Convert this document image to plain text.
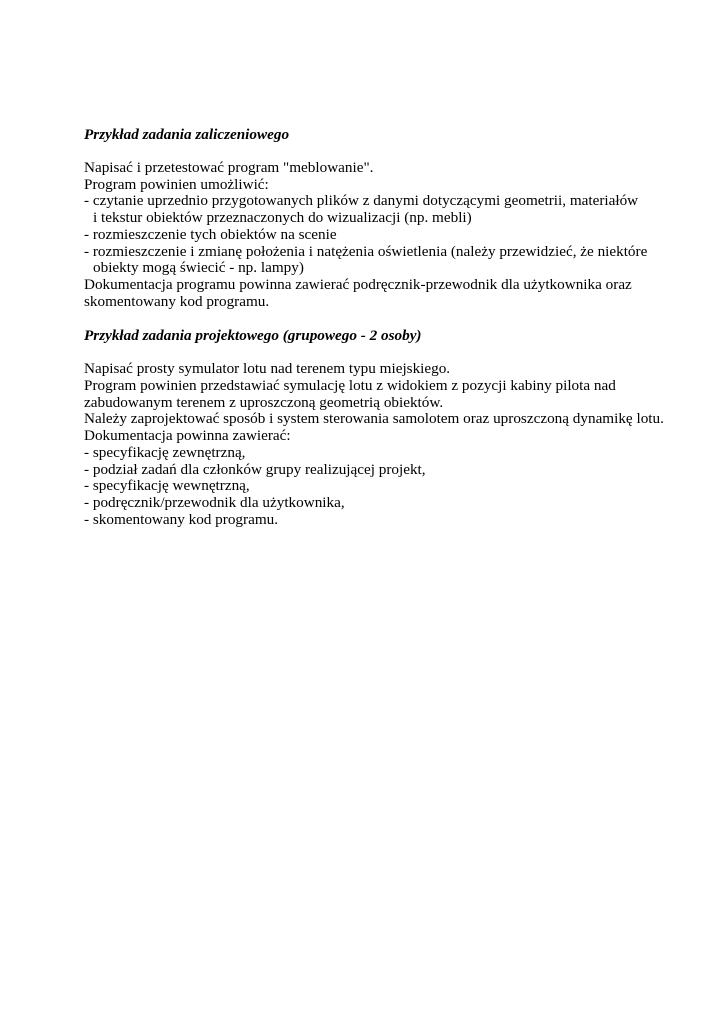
Przykład zadania zaliczeniowego

Napisać i przetestować program "meblowanie".

Program powinien umożliwić:

- czytanie uprzednio przygotowanych plików z danymi dotyczącymi geometrii, materiałów

i tekstur obiektów przeznaczonych do wizualizacji (np. mebli)

- rozmieszczenie tych obiektów na scenie

- rozmieszczenie i zmianę położenia i natężenia oświetlenia (należy przewidzieć, że niektóre

obiekty mogą świecić - np. lampy)

Dokumentacja programu powinna zawierać podręcznik-przewodnik dla użytkownika oraz

skomentowany kod programu.

Przykład zadania projektowego (grupowego - 2 osoby)

Napisać prosty symulator lotu nad terenem typu miejskiego.

Program powinien przedstawiać symulację lotu z widokiem z pozycji kabiny pilota nad

zabudowanym terenem z uproszczoną geometrią obiektów.

Należy zaprojektować sposób i system sterowania samolotem oraz uproszczoną dynamikę lotu.

Dokumentacja powinna zawierać:

- specyfikację zewnętrzną,
- podział zadań dla członków grupy realizującej projekt,
- specyfikację wewnętrzną,
- podręcznik/przewodnik dla użytkownika,
- skomentowany kod programu.
